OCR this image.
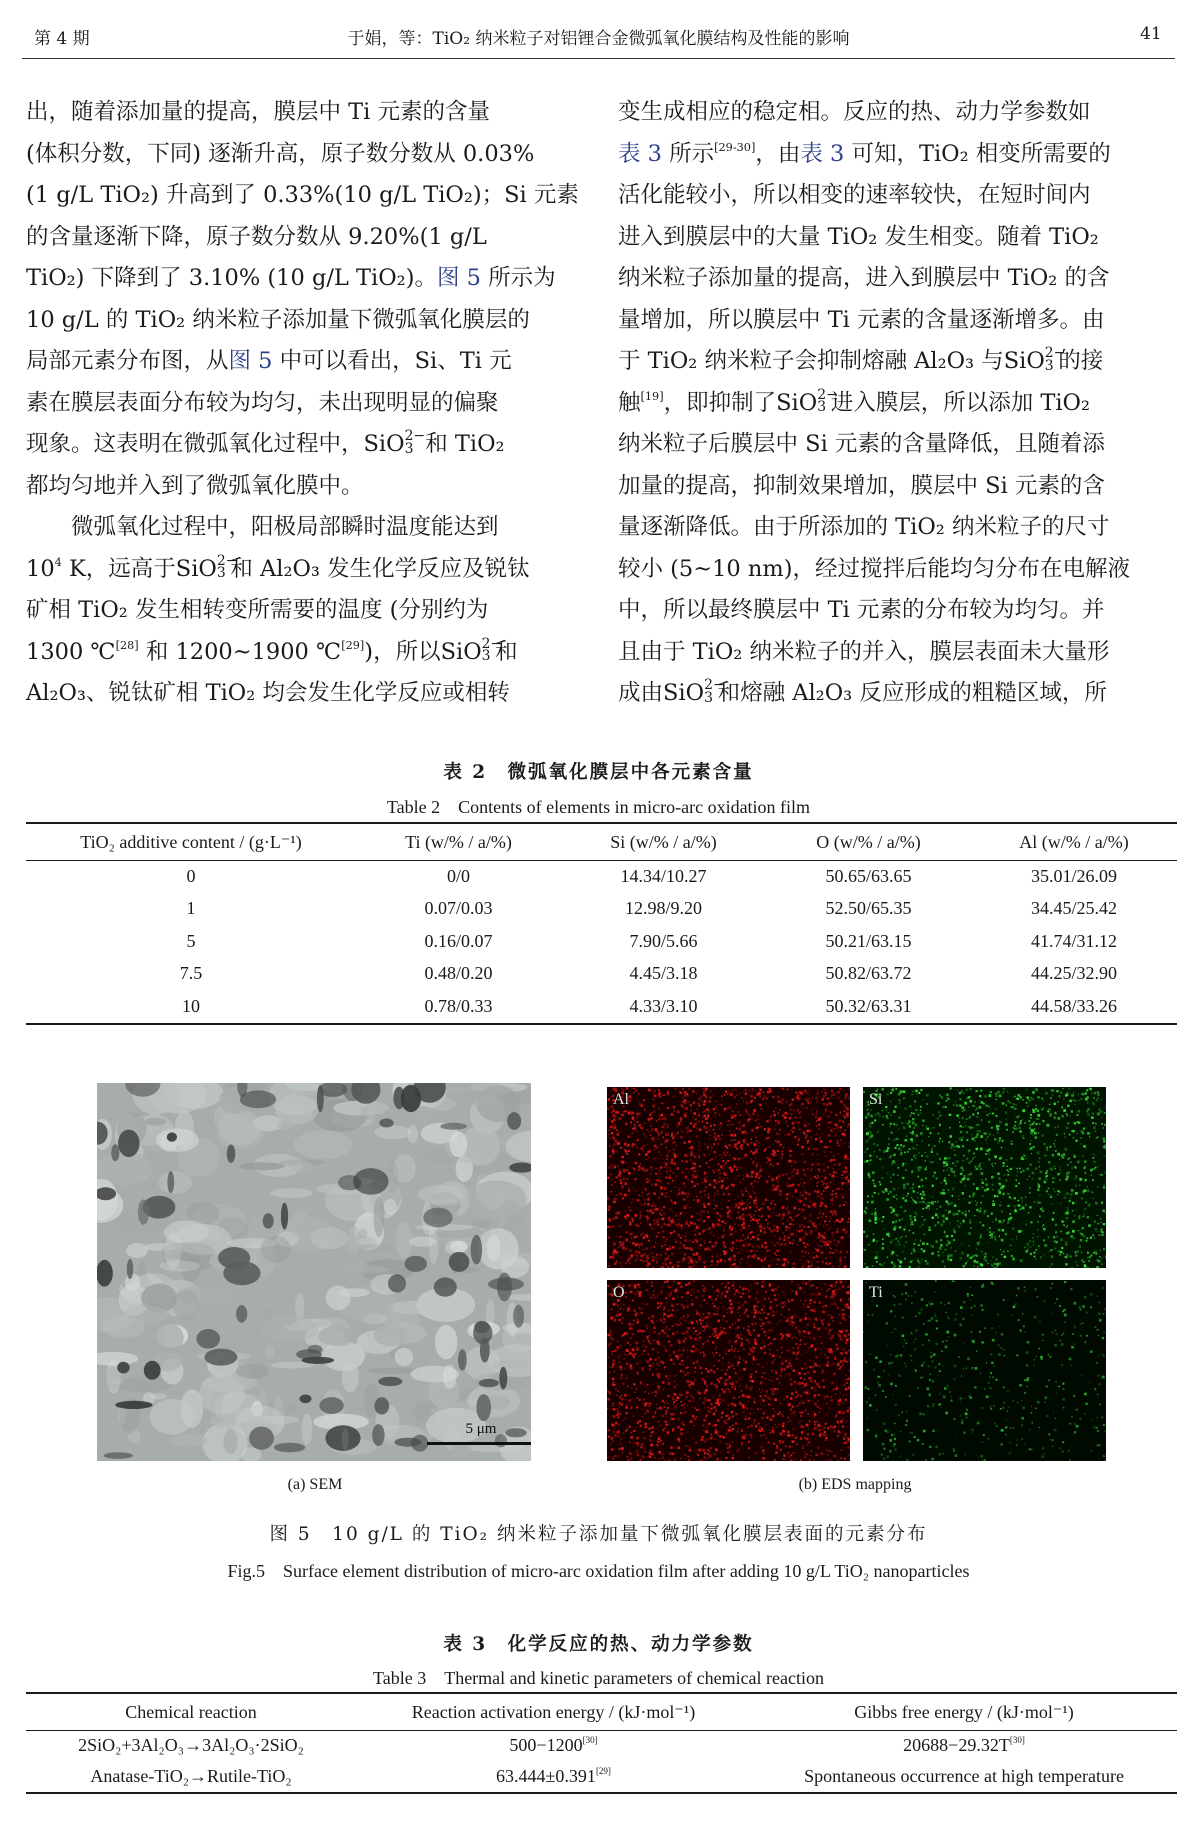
第 4 期	于娟，等：TiO₂ 纳米粒子对铝锂合金微弧氧化膜结构及性能的影响	41

出，随着添加量的提高，膜层中 Ti 元素的含量

(体积分数，下同) 逐渐升高，原子数分数从 0.03%

(1 g/L TiO₂) 升高到了 0.33%(10 g/L TiO₂)；Si 元素

的含量逐渐下降，原子数分数从 9.20%(1 g/L

TiO₂) 下降到了 3.10% (10 g/L TiO₂)。图 5 所示为

10 g/L 的 TiO₂ 纳米粒子添加量下微弧氧化膜层的

局部元素分布图，从图 5 中可以看出，Si、Ti 元

素在膜层表面分布较为均匀，未出现明显的偏聚

现象。这表明在微弧氧化过程中，SiO 2−
3 和 TiO₂

都均匀地并入到了微弧氧化膜中。

微弧氧化过程中，阳极局部瞬时温度能达到

$10^4$ K，远高于SiO 2−
3 和 Al₂O₃ 发生化学反应及锐钛

矿相 TiO₂ 发生相转变所需要的温度 (分别约为

1300 ℃[28] 和 1200~1900 ℃[29])，所以SiO 2−
3 和

Al₂O₃、锐钛矿相 TiO₂ 均会发生化学反应或相转

变生成相应的稳定相。反应的热、动力学参数如

表 3 所示[29-30]，由表 3 可知，TiO₂ 相变所需要的

活化能较小，所以相变的速率较快，在短时间内

进入到膜层中的大量 TiO₂ 发生相变。随着 TiO₂

纳米粒子添加量的提高，进入到膜层中 TiO₂ 的含

量增加，所以膜层中 Ti 元素的含量逐渐增多。由

于 TiO₂ 纳米粒子会抑制熔融 Al₂O₃ 与SiO 2−
3 的接

触[19]，即抑制了SiO 2−
3 进入膜层，所以添加 TiO₂

纳米粒子后膜层中 Si 元素的含量降低，且随着添

加量的提高，抑制效果增加，膜层中 Si 元素的含

量逐渐降低。由于所添加的 TiO₂ 纳米粒子的尺寸

较小 (5~10 nm)，经过搅拌后能均匀分布在电解液

中，所以最终膜层中 Ti 元素的分布较为均匀。并

且由于 TiO₂ 纳米粒子的并入，膜层表面未大量形

成由SiO 2−
3 和熔融 Al₂O₃ 反应形成的粗糙区域，所

表 2　微弧氧化膜层中各元素含量
Table 2　Contents of elements in micro-arc oxidation film
TiO₂ additive content / (g·L⁻¹)	Ti (w/% / a/%)	Si (w/% / a/%)	O (w/% / a/%)	Al (w/% / a/%)
0	0/0	14.34/10.27	50.65/63.65	35.01/26.09
1	0.07/0.03	12.98/9.20	52.50/65.35	34.45/25.42
5	0.16/0.07	7.90/5.66	50.21/63.15	41.74/31.12
7.5	0.48/0.20	4.45/3.18	50.82/63.72	44.25/32.90
10	0.78/0.33	4.33/3.10	50.32/63.31	44.58/33.26
5 μm
Al	Si
O	Ti
(a) SEM	(b) EDS mapping
图 5　10 g/L 的 TiO₂ 纳米粒子添加量下微弧氧化膜层表面的元素分布
Fig.5　Surface element distribution of micro-arc oxidation film after adding 10 g/L TiO₂ nanoparticles
表 3　化学反应的热、动力学参数
Table 3　Thermal and kinetic parameters of chemical reaction
Chemical reaction	Reaction activation energy / (kJ·mol⁻¹)	Gibbs free energy / (kJ·mol⁻¹)
2SiO₂+3Al₂O₃→3Al₂O₃·2SiO₂	500−1200[30]	20688−29.32T[30]
Anatase-TiO₂→Rutile-TiO₂	63.444±0.391[29]	Spontaneous occurrence at high temperature
